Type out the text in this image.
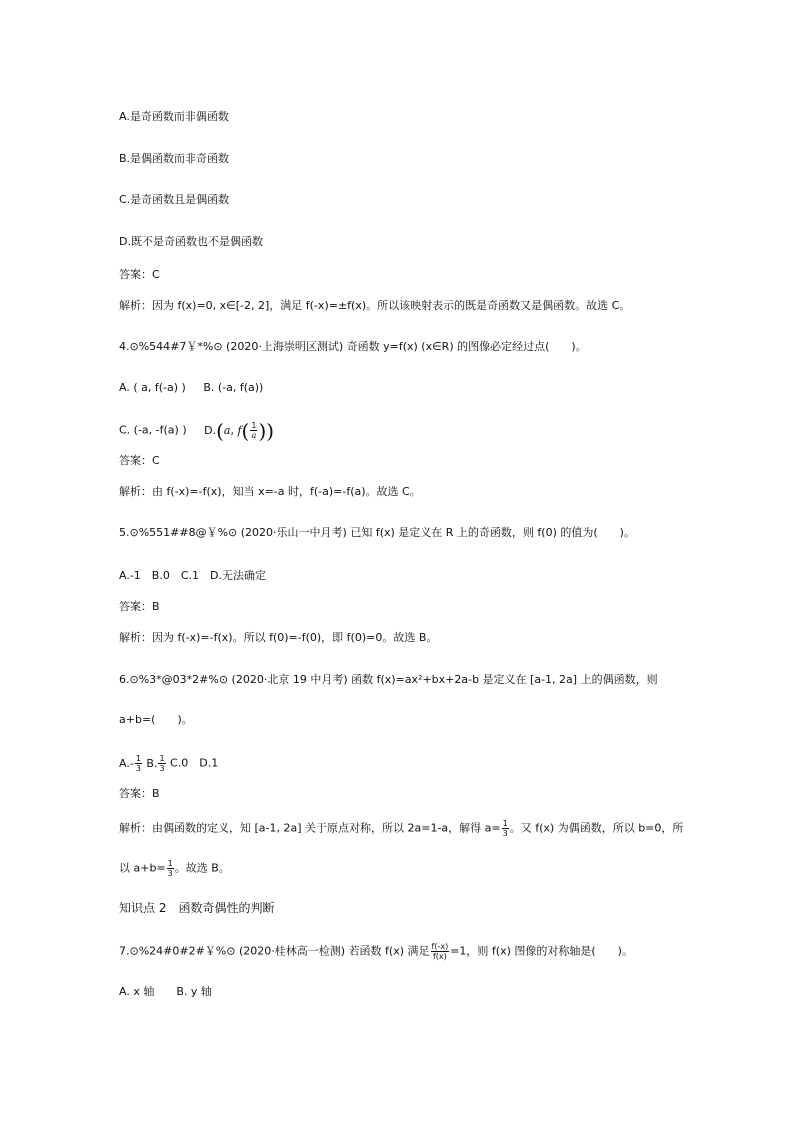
A.是奇函数而非偶函数
B.是偶函数而非奇函数
C.是奇函数且是偶函数
D.既不是奇函数也不是偶函数
答案：C
解析：因为 f(x)=0, x∈[-2, 2]，满足 f(-x)=±f(x)。所以该映射表示的既是奇函数又是偶函数。故选 C。
4.⊙%544#7￥*%⊙ (2020·上海崇明区测试) 奇函数 y=f(x) (x∈R) 的图像必定经过点(　　)。
A. ( a, f(-a) ) B. (-a, f(a))
C. (-a, -f(a) ) D.(a, $f( \frac{1}{a}$ ))
答案：C
解析：由 f(-x)=-f(x)，知当 x=-a 时，f(-a)=-f(a)。故选 C。
5.⊙%551##8@￥%⊙ (2020·乐山一中月考) 已知 f(x) 是定义在 R 上的奇函数，则 f(0) 的值为(　　)。
A.-1　B.0　C.1　D.无法确定
答案：B
解析：因为 f(-x)=-f(x)。所以 f(0)=-f(0)，即 f(0)=0。故选 B。
6.⊙%3*@03*2#%⊙ (2020·北京 19 中月考) 函数 f(x)=ax²+bx+2a-b 是定义在 [a-1, 2a] 上的偶函数，则
a+b=(　　)。
$A.- \frac{1}{3} B$. $\frac{1}{3} C.0$　D.1
答案：B
解析：由偶函数的定义，知 [a-1, 2a] 关于原点对称，所以 2a=1-a，解得 $a= \frac{1}{3}$ 。又 f(x) 为偶函数，所以 b=0，所
以 $a+b= \frac{1}{3}$ 。故选 B。
知识点 2　函数奇偶性的判断
7.⊙%24#0#2#￥%⊙ (2020·桂林高一检测) 若函数 f(x) 满足 $\frac{f(-x)}{f(x)} =1$，则 f(x) 图像的对称轴是(　　)。
A. x 轴　　B. y 轴
